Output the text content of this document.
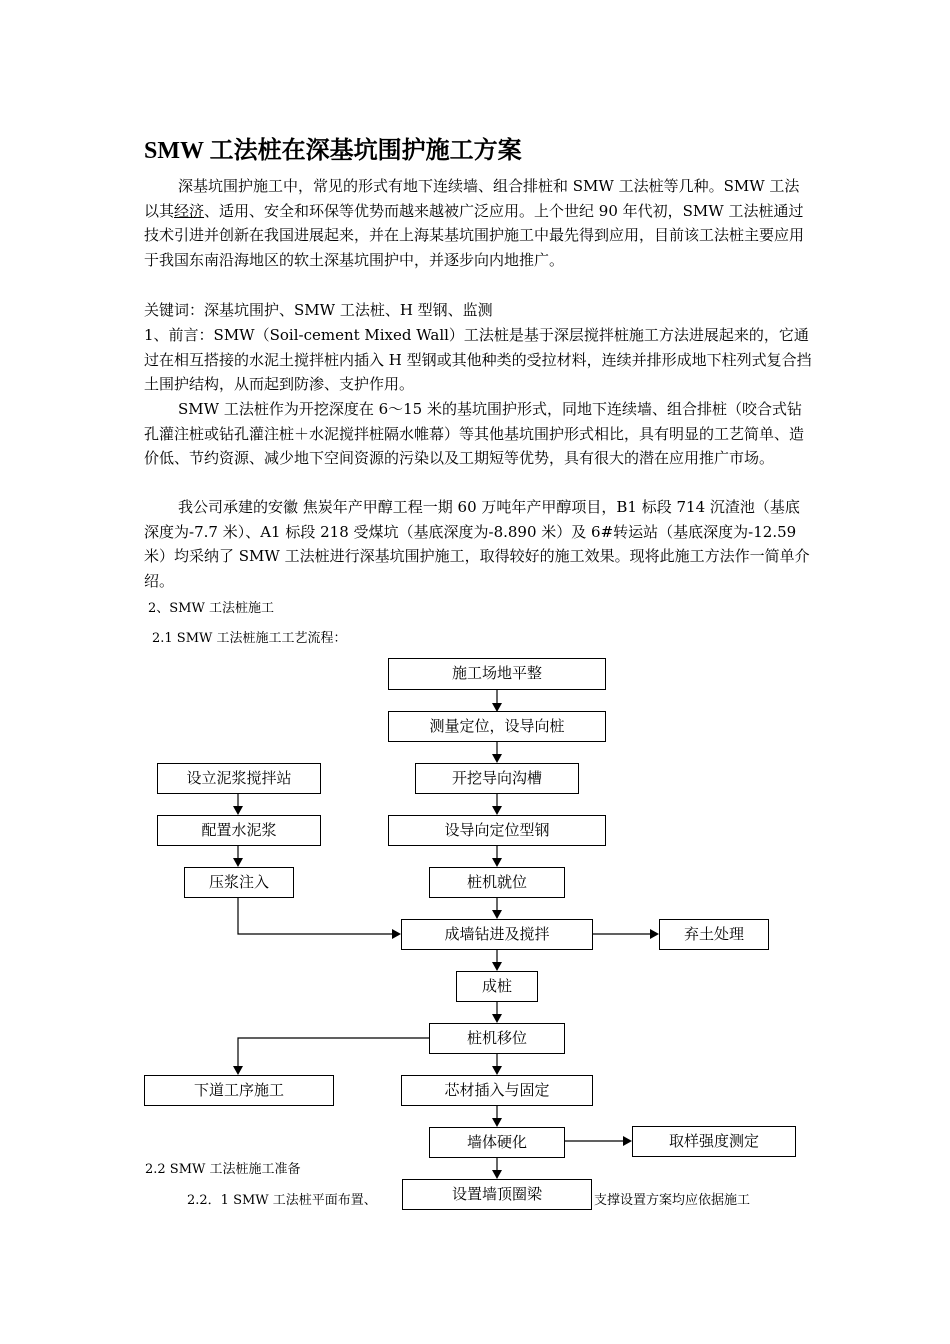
SMW 工法桩在深基坑围护施工方案

深基坑围护施工中，常见的形式有地下连续墙、组合排桩和 SMW 工法桩等几种。SMW 工法以其经济、适用、安全和环保等优势而越来越被广泛应用。上个世纪 90 年代初，SMW 工法桩通过技术引进并创新在我国进展起来，并在上海某基坑围护施工中最先得到应用，目前该工法桩主要应用于我国东南沿海地区的软土深基坑围护中，并逐步向内地推广。

关键词：深基坑围护、SMW 工法桩、H 型钢、监测

1、前言：SMW（Soil-cement Mixed Wall）工法桩是基于深层搅拌桩施工方法进展起来的，它通过在相互搭接的水泥土搅拌桩内插入 H 型钢或其他种类的受拉材料，连续并排形成地下柱列式复合挡土围护结构，从而起到防渗、支护作用。

SMW 工法桩作为开挖深度在 6～15 米的基坑围护形式，同地下连续墙、组合排桩（咬合式钻孔灌注桩或钻孔灌注桩＋水泥搅拌桩隔水帷幕）等其他基坑围护形式相比，具有明显的工艺简单、造价低、节约资源、减少地下空间资源的污染以及工期短等优势，具有很大的潜在应用推广市场。

我公司承建的安徽 焦炭年产甲醇工程一期 60 万吨年产甲醇项目，B1 标段 714 沉渣池（基底深度为-7.7 米）、A1 标段 218 受煤坑（基底深度为-8.890 米）及 6#转运站（基底深度为-12.59 米）均采纳了 SMW 工法桩进行深基坑围护施工，取得较好的施工效果。现将此施工方法作一简单介绍。

2、SMW 工法桩施工

2.1 SMW 工法桩施工工艺流程：

施工场地平整
测量定位，设导向桩
开挖导向沟槽
设导向定位型钢
桩机就位
成墙钻进及搅拌
成桩
桩机移位
芯材插入与固定
墙体硬化
设立泥浆搅拌站
配置水泥浆
压浆注入
弃土处理
下道工序施工
取样强度测定

2.2 SMW 工法桩施工准备

2.2．1 SMW 工法桩平面布置、	支撑设置方案均应依据施工

设置墙顶圈梁
